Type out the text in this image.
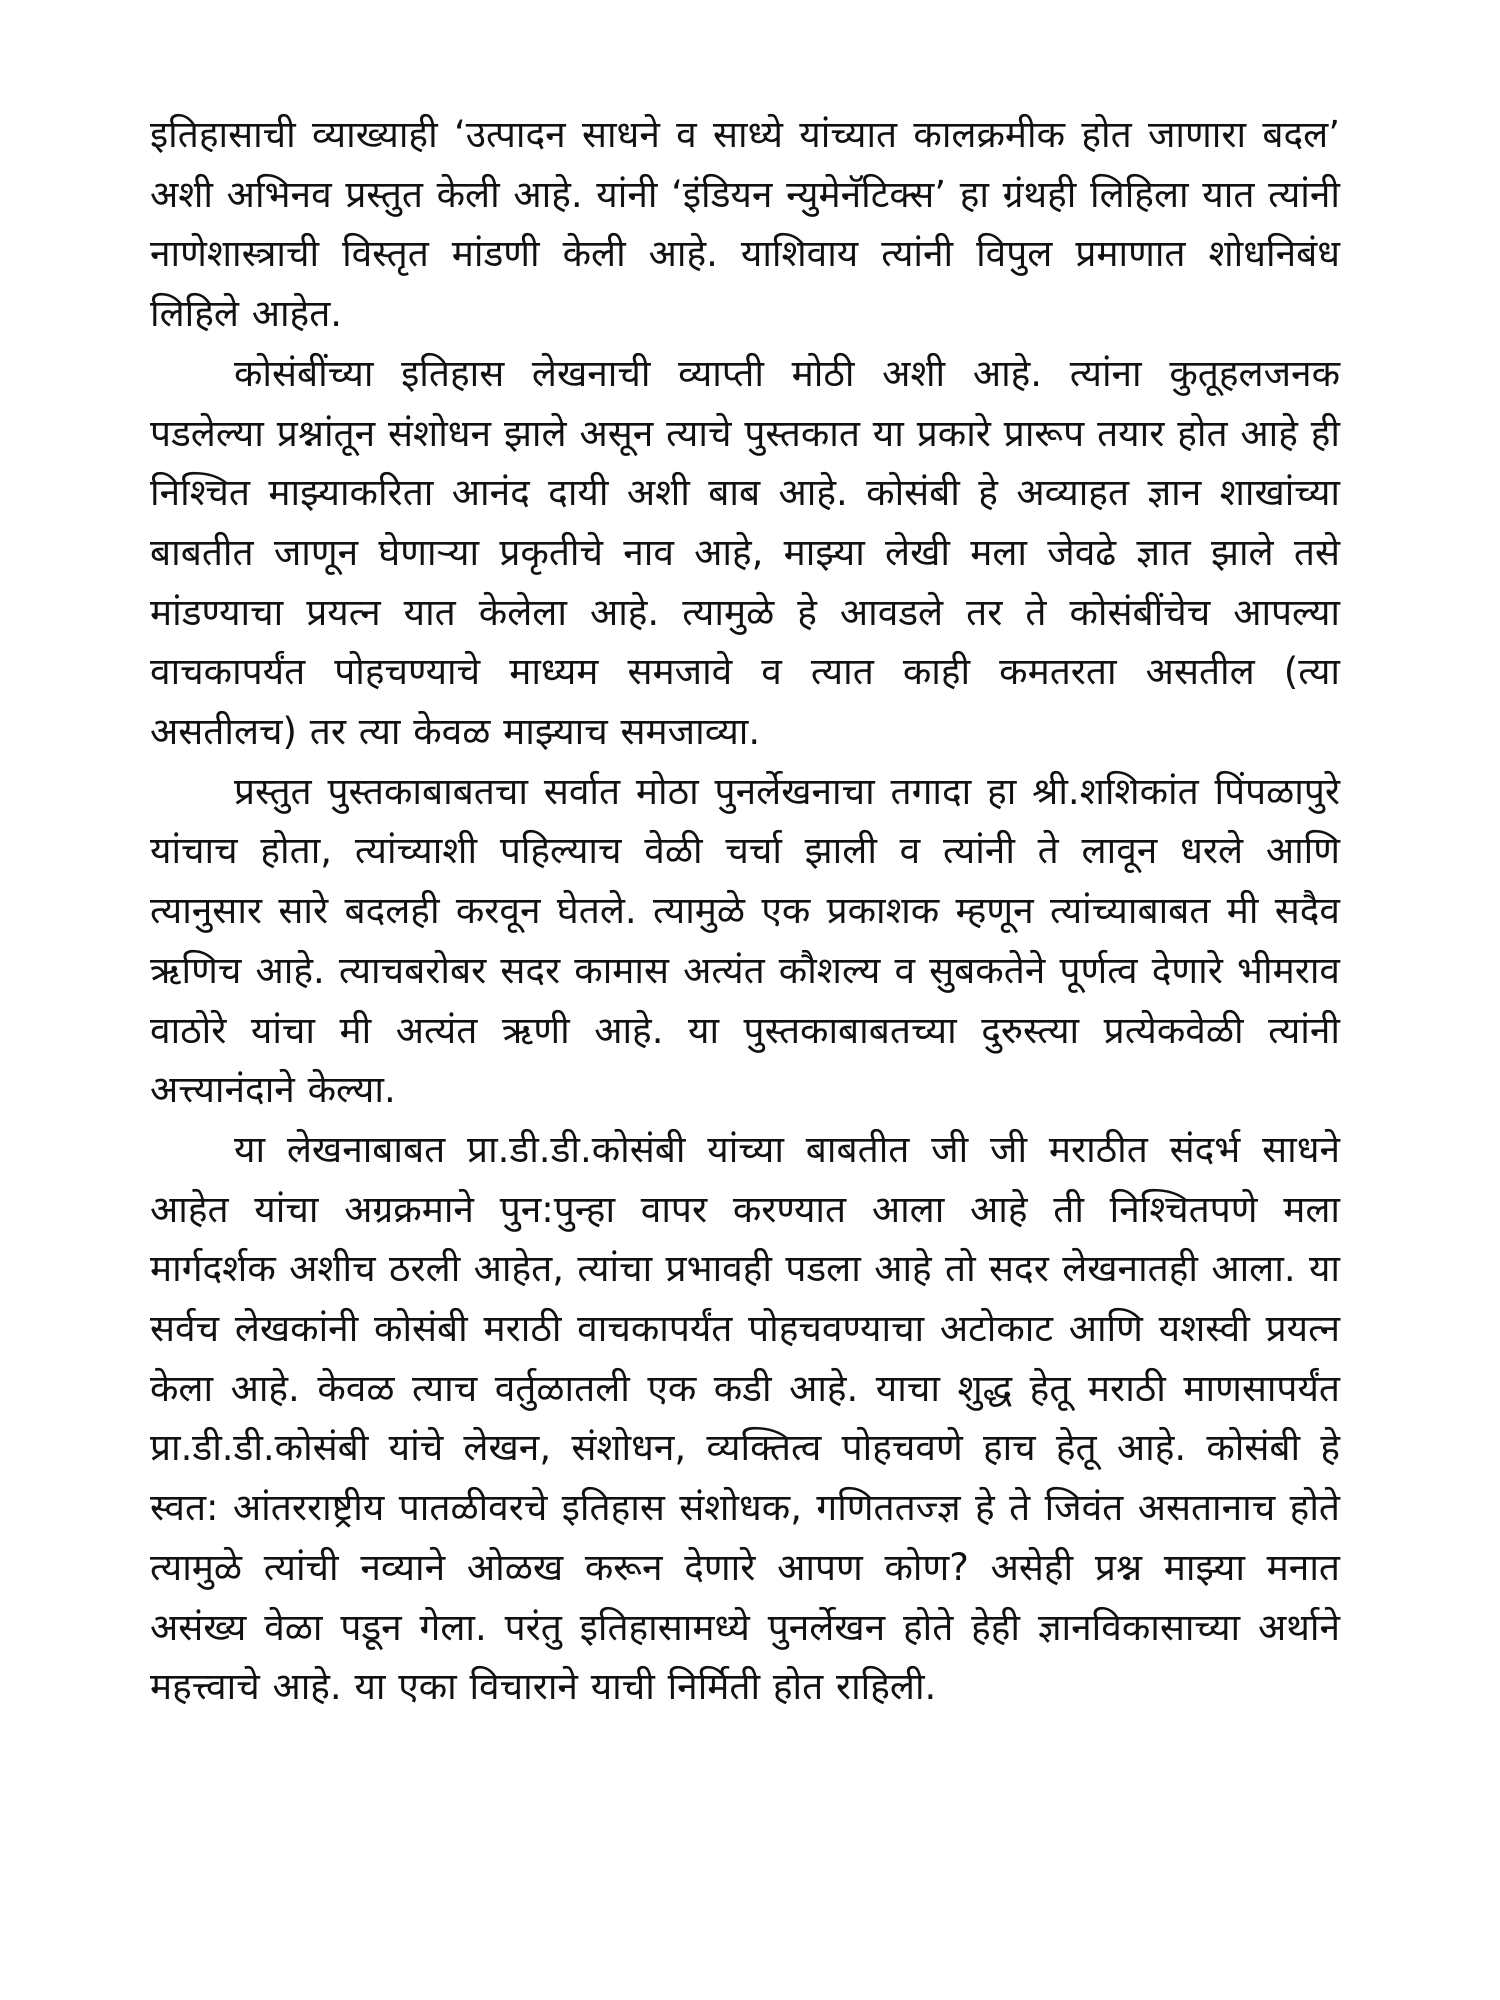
इतिहासाची व्याख्याही ‘उत्पादन साधने व साध्ये यांच्यात कालक्रमीक होत जाणारा बदल’ अशी अभिनव प्रस्तुत केली आहे. यांनी ‘इंडियन न्युमेनॅटिक्स’ हा ग्रंथही लिहिला यात त्यांनी नाणेशास्त्राची विस्तृत मांडणी केली आहे. याशिवाय त्यांनी विपुल प्रमाणात शोधनिबंध लिहिले आहेत.

कोसंबींच्या इतिहास लेखनाची व्याप्ती मोठी अशी आहे. त्यांना कुतूहलजनक पडलेल्या प्रश्नांतून संशोधन झाले असून त्याचे पुस्तकात या प्रकारे प्रारूप तयार होत आहे ही निश्चित माझ्याकरिता आनंद दायी अशी बाब आहे. कोसंबी हे अव्याहत ज्ञान शाखांच्या बाबतीत जाणून घेणाऱ्या प्रकृतीचे नाव आहे, माझ्या लेखी मला जेवढे ज्ञात झाले तसे मांडण्याचा प्रयत्न यात केलेला आहे. त्यामुळे हे आवडले तर ते कोसंबींचेच आपल्या वाचकापर्यंत पोहचण्याचे माध्यम समजावे व त्यात काही कमतरता असतील (त्या असतीलच) तर त्या केवळ माझ्याच समजाव्या.

प्रस्तुत पुस्तकाबाबतचा सर्वात मोठा पुनर्लेखनाचा तगादा हा श्री.शशिकांत पिंपळापुरे यांचाच होता, त्यांच्याशी पहिल्याच वेळी चर्चा झाली व त्यांनी ते लावून धरले आणि त्यानुसार सारे बदलही करवून घेतले. त्यामुळे एक प्रकाशक म्हणून त्यांच्याबाबत मी सदैव ऋणिच आहे. त्याचबरोबर सदर कामास अत्यंत कौशल्य व सुबकतेने पूर्णत्व देणारे भीमराव वाठोरे यांचा मी अत्यंत ऋणी आहे. या पुस्तकाबाबतच्या दुरुस्त्या प्रत्येकवेळी त्यांनी अत्त्यानंदाने केल्या.

या लेखनाबाबत प्रा.डी.डी.कोसंबी यांच्या बाबतीत जी जी मराठीत संदर्भ साधने आहेत यांचा अग्रक्रमाने पुन:पुन्हा वापर करण्यात आला आहे ती निश्चितपणे मला मार्गदर्शक अशीच ठरली आहेत, त्यांचा प्रभावही पडला आहे तो सदर लेखनातही आला. या सर्वच लेखकांनी कोसंबी मराठी वाचकापर्यंत पोहचवण्याचा अटोकाट आणि यशस्वी प्रयत्न केला आहे. केवळ त्याच वर्तुळातली एक कडी आहे. याचा शुद्ध हेतू मराठी माणसापर्यंत प्रा.डी.डी.कोसंबी यांचे लेखन, संशोधन, व्यक्तित्व पोहचवणे हाच हेतू आहे. कोसंबी हे स्वत: आंतरराष्ट्रीय पातळीवरचे इतिहास संशोधक, गणिततज्ज्ञ हे ते जिवंत असतानाच होते त्यामुळे त्यांची नव्याने ओळख करून देणारे आपण कोण? असेही प्रश्न माझ्या मनात असंख्य वेळा पडून गेला. परंतु इतिहासामध्ये पुनर्लेखन होते हेही ज्ञानविकासाच्या अर्थाने महत्त्वाचे आहे. या एका विचाराने याची निर्मिती होत राहिली.
